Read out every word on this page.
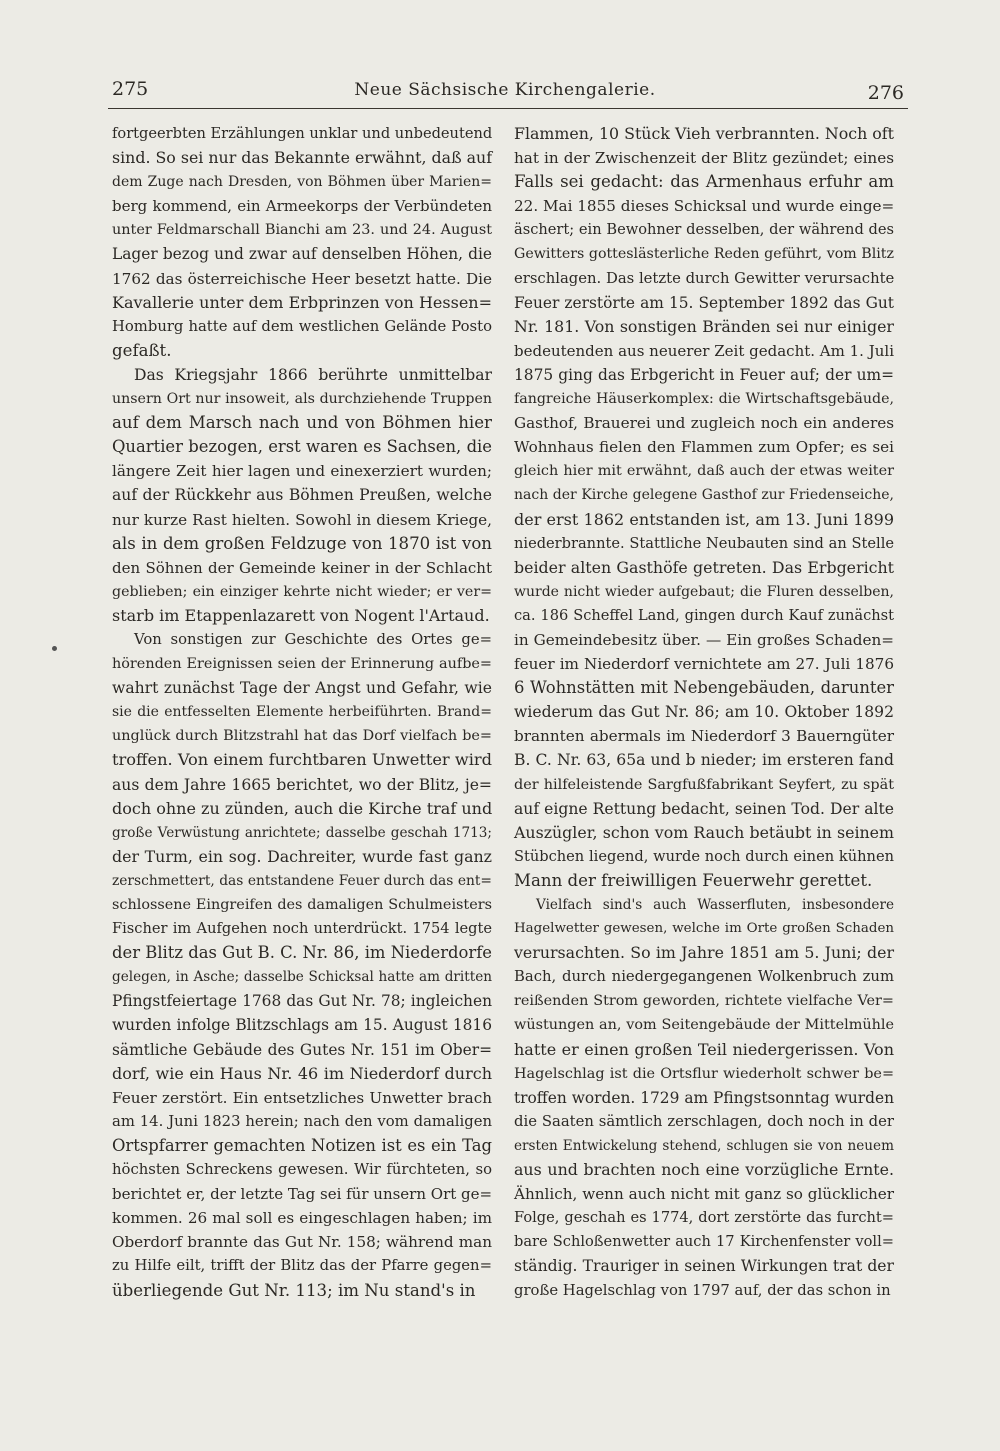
275	Neue Sächsische Kirchengalerie.	276
fortgeerbten Erzählungen unklar und unbedeutend
sind. So sei nur das Bekannte erwähnt, daß auf
dem Zuge nach Dresden, von Böhmen über Marien=
berg kommend, ein Armeekorps der Verbündeten
unter Feldmarschall Bianchi am 23. und 24. August
Lager bezog und zwar auf denselben Höhen, die
1762 das österreichische Heer besetzt hatte. Die
Kavallerie unter dem Erbprinzen von Hessen=
Homburg hatte auf dem westlichen Gelände Posto
gefaßt.
Das Kriegsjahr 1866 berührte unmittelbar
unsern Ort nur insoweit, als durchziehende Truppen
auf dem Marsch nach und von Böhmen hier
Quartier bezogen, erst waren es Sachsen, die
längere Zeit hier lagen und einexerziert wurden;
auf der Rückkehr aus Böhmen Preußen, welche
nur kurze Rast hielten. Sowohl in diesem Kriege,
als in dem großen Feldzuge von 1870 ist von
den Söhnen der Gemeinde keiner in der Schlacht
geblieben; ein einziger kehrte nicht wieder; er ver=
starb im Etappenlazarett von Nogent l'Artaud.
Von sonstigen zur Geschichte des Ortes ge=
hörenden Ereignissen seien der Erinnerung aufbe=
wahrt zunächst Tage der Angst und Gefahr, wie
sie die entfesselten Elemente herbeiführten. Brand=
unglück durch Blitzstrahl hat das Dorf vielfach be=
troffen. Von einem furchtbaren Unwetter wird
aus dem Jahre 1665 berichtet, wo der Blitz, je=
doch ohne zu zünden, auch die Kirche traf und
große Verwüstung anrichtete; dasselbe geschah 1713;
der Turm, ein sog. Dachreiter, wurde fast ganz
zerschmettert, das entstandene Feuer durch das ent=
schlossene Eingreifen des damaligen Schulmeisters
Fischer im Aufgehen noch unterdrückt. 1754 legte
der Blitz das Gut B. C. Nr. 86, im Niederdorfe
gelegen, in Asche; dasselbe Schicksal hatte am dritten
Pfingstfeiertage 1768 das Gut Nr. 78; ingleichen
wurden infolge Blitzschlags am 15. August 1816
sämtliche Gebäude des Gutes Nr. 151 im Ober=
dorf, wie ein Haus Nr. 46 im Niederdorf durch
Feuer zerstört. Ein entsetzliches Unwetter brach
am 14. Juni 1823 herein; nach den vom damaligen
Ortspfarrer gemachten Notizen ist es ein Tag
höchsten Schreckens gewesen. Wir fürchteten, so
berichtet er, der letzte Tag sei für unsern Ort ge=
kommen. 26 mal soll es eingeschlagen haben; im
Oberdorf brannte das Gut Nr. 158; während man
zu Hilfe eilt, trifft der Blitz das der Pfarre gegen=
überliegende Gut Nr. 113; im Nu stand's in
Flammen, 10 Stück Vieh verbrannten. Noch oft
hat in der Zwischenzeit der Blitz gezündet; eines
Falls sei gedacht: das Armenhaus erfuhr am
22. Mai 1855 dieses Schicksal und wurde einge=
äschert; ein Bewohner desselben, der während des
Gewitters gotteslästerliche Reden geführt, vom Blitz
erschlagen. Das letzte durch Gewitter verursachte
Feuer zerstörte am 15. September 1892 das Gut
Nr. 181. Von sonstigen Bränden sei nur einiger
bedeutenden aus neuerer Zeit gedacht. Am 1. Juli
1875 ging das Erbgericht in Feuer auf; der um=
fangreiche Häuserkomplex: die Wirtschaftsgebäude,
Gasthof, Brauerei und zugleich noch ein anderes
Wohnhaus fielen den Flammen zum Opfer; es sei
gleich hier mit erwähnt, daß auch der etwas weiter
nach der Kirche gelegene Gasthof zur Friedenseiche,
der erst 1862 entstanden ist, am 13. Juni 1899
niederbrannte. Stattliche Neubauten sind an Stelle
beider alten Gasthöfe getreten. Das Erbgericht
wurde nicht wieder aufgebaut; die Fluren desselben,
ca. 186 Scheffel Land, gingen durch Kauf zunächst
in Gemeindebesitz über. — Ein großes Schaden=
feuer im Niederdorf vernichtete am 27. Juli 1876
6 Wohnstätten mit Nebengebäuden, darunter
wiederum das Gut Nr. 86; am 10. Oktober 1892
brannten abermals im Niederdorf 3 Bauerngüter
B. C. Nr. 63, 65a und b nieder; im ersteren fand
der hilfeleistende Sargfußfabrikant Seyfert, zu spät
auf eigne Rettung bedacht, seinen Tod. Der alte
Auszügler, schon vom Rauch betäubt in seinem
Stübchen liegend, wurde noch durch einen kühnen
Mann der freiwilligen Feuerwehr gerettet.
Vielfach sind's auch Wasserfluten, insbesondere
Hagelwetter gewesen, welche im Orte großen Schaden
verursachten. So im Jahre 1851 am 5. Juni; der
Bach, durch niedergegangenen Wolkenbruch zum
reißenden Strom geworden, richtete vielfache Ver=
wüstungen an, vom Seitengebäude der Mittelmühle
hatte er einen großen Teil niedergerissen. Von
Hagelschlag ist die Ortsflur wiederholt schwer be=
troffen worden. 1729 am Pfingstsonntag wurden
die Saaten sämtlich zerschlagen, doch noch in der
ersten Entwickelung stehend, schlugen sie von neuem
aus und brachten noch eine vorzügliche Ernte.
Ähnlich, wenn auch nicht mit ganz so glücklicher
Folge, geschah es 1774, dort zerstörte das furcht=
bare Schloßenwetter auch 17 Kirchenfenster voll=
ständig. Trauriger in seinen Wirkungen trat der
große Hagelschlag von 1797 auf, der das schon in
